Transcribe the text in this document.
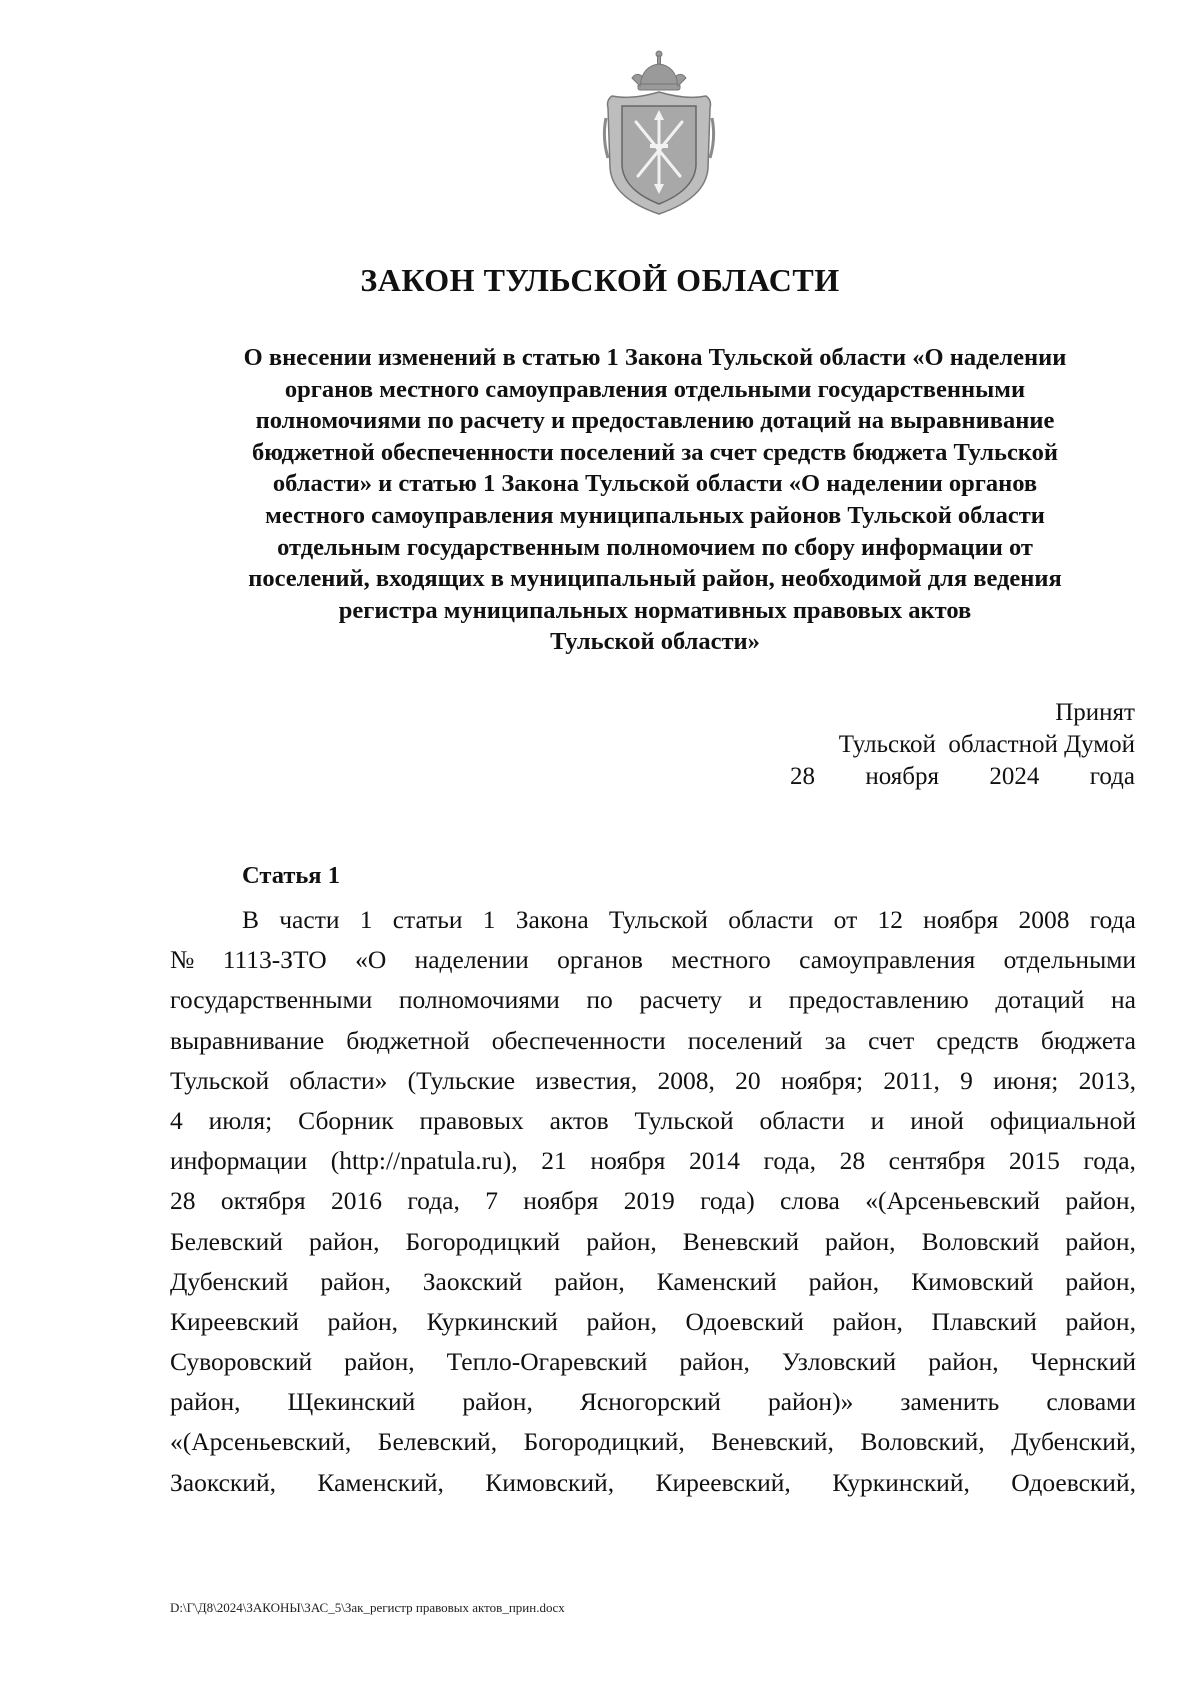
ЗАКОН ТУЛЬСКОЙ ОБЛАСТИ
О внесении изменений в статью 1 Закона Тульской области «О наделении
органов местного самоуправления отдельными государственными
полномочиями по расчету и предоставлению дотаций на выравнивание
бюджетной обеспеченности поселений за счет средств бюджета Тульской
области» и статью 1 Закона Тульской области «О наделении органов
местного самоуправления муниципальных районов Тульской области
отдельным государственным полномочием по сбору информации от
поселений, входящих в муниципальный район, необходимой для ведения
регистра муниципальных нормативных правовых актов
Тульской области»
Принят
Тульской  областной Думой
28 ноября 2024 года
Статья 1
В части 1 статьи 1 Закона Тульской области от 12 ноября 2008 года
№ 1113-ЗТО «О наделении органов местного самоуправления отдельными
государственными полномочиями по расчету и предоставлению дотаций на
выравнивание бюджетной обеспеченности поселений за счет средств бюджета
Тульской области» (Тульские известия, 2008, 20 ноября; 2011, 9 июня; 2013,
4 июля; Сборник правовых актов Тульской области и иной официальной
информации (http://npatula.ru), 21 ноября 2014 года, 28 сентября 2015 года,
28 октября 2016 года, 7 ноября 2019 года) слова «(Арсеньевский район,
Белевский район, Богородицкий район, Веневский район, Воловский район,
Дубенский район, Заокский район, Каменский район, Кимовский район,
Киреевский район, Куркинский район, Одоевский район, Плавский район,
Суворовский район, Тепло-Огаревский район, Узловский район, Чернский
район, Щекинский район, Ясногорский район)» заменить словами
«(Арсеньевский, Белевский, Богородицкий, Веневский, Воловский, Дубенский,
Заокский, Каменский, Кимовский, Киреевский, Куркинский, Одоевский,
D:\Г\Д8\2024\ЗАКОНЫ\ЗАС_5\Зак_регистр правовых актов_прин.docx
